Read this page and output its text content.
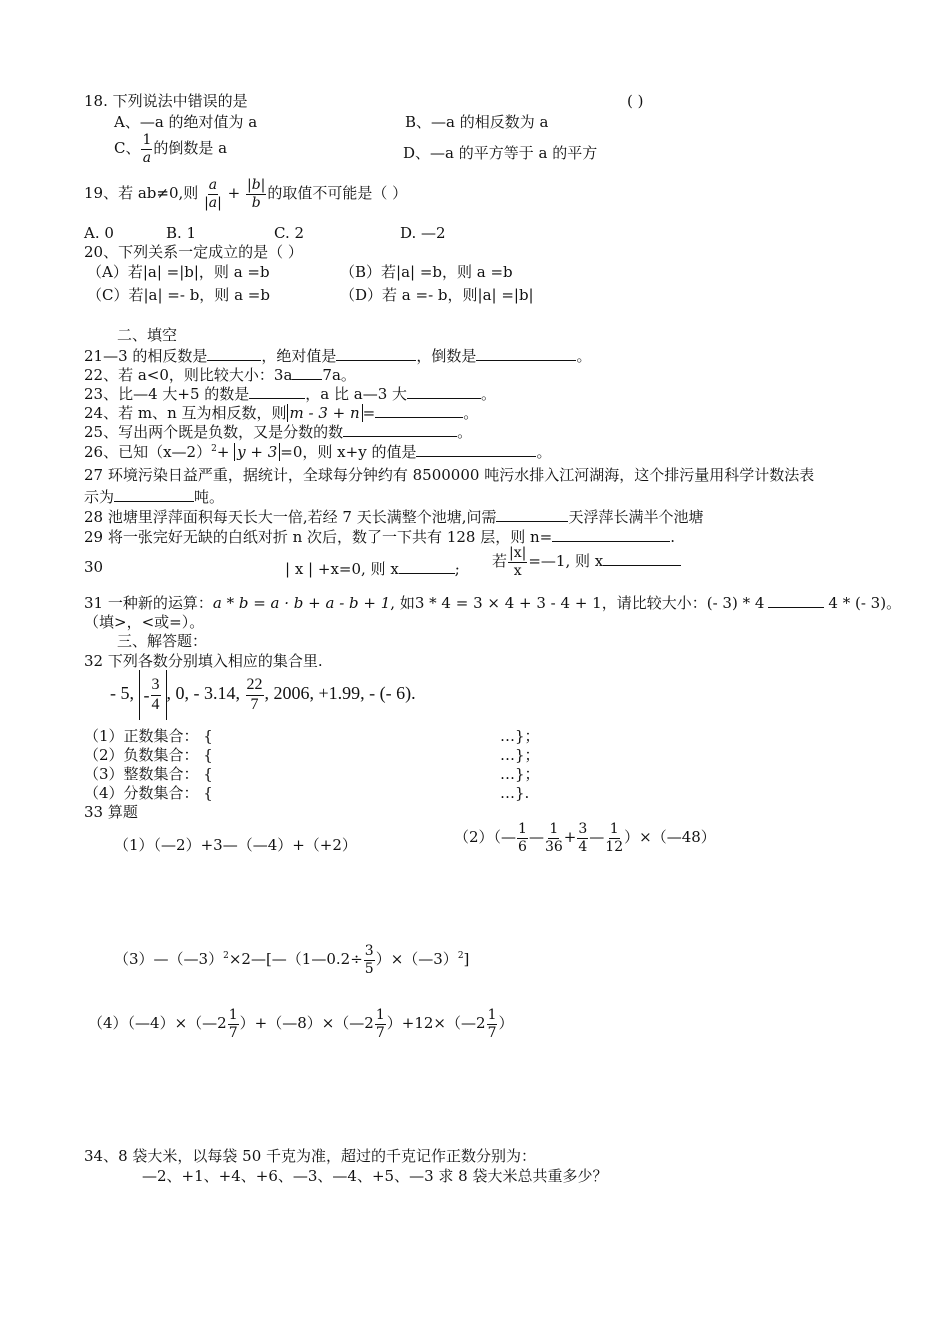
18. 下列说法中错误的是	( )
A、—a 的绝对值为 a	B、—a 的相反数为 a
C、 $\frac{1}{a}$ 的倒数是 a	D、—a 的平方等于 a 的平方
19、若 ab≠0,则 $\frac{a}{|a|} + \frac{|b|}{b}$ 的取值不可能是（ ）
A. 0	B. 1	C. 2	D. —2
20、下列关系一定成立的是（ ）
（A）若|a| =|b|，则 a =b	（B）若|a| =b，则 a =b
（C）若|a| =- b，则 a =b	（D）若 a =- b，则|a| =|b|
二、填空
21—3 的相反数是	，绝对值是	，倒数是	。
22、若 a<0，则比较大小：3a 7a。
23、比—4 大+5 的数是	，a 比 a—3 大	。
24、若 m、n 互为相反数，则 m - 3 + n =	。
25、写出两个既是负数，又是分数的数	。
26、已知（x—2）$^2$+ y + 3 =0，则 x+y 的值是	。
27 环境污染日益严重，据统计，全球每分钟约有 8500000 吨污水排入江河湖海，这个排污量用科学计数法表
示为	吨。
28 池塘里浮萍面积每天长大一倍,若经 7 天长满整个池塘,问需	天浮萍长满半个池塘
29 将一张完好无缺的白纸对折 n 次后，数了一下共有 128 层，则 n=	.
30	| x | +x=0, 则 x	; 若 $\frac{|x|}{x}$ =—1, 则 x
31 一种新的运算：a * b = a · b + a - b + 1, 如3 * 4 = 3 × 4 + 3 - 4 + 1，请比较大小：(- 3) * 4	4 * (- 3)。
（填>，<或=）。
三、解答题：
32 下列各数分别填入相应的集合里.
- 5, - $\frac{3}{4}$ , 0, - 3.14, $\frac{22}{7}$ , 2006, +1.99, - (- 6).
（1）正数集合： {	…}；
（2）负数集合： {	…}；
（3）整数集合： {	…}；
（4）分数集合： {	…}.
33 算题
（1）（—2）+3—（—4）+（+2）	（2）（— $\frac{1}{6}$ — $\frac{1}{36} + \frac{3}{4}$ — $\frac{1}{12}$ ）×（—48）
（3）—（—3）$^2$×2—[—（1—0.2÷ $\frac{3}{5}$ ）×（—3）$^2$]
（4）（—4）×（—2 $\frac{1}{7}$ ）+（—8）×（—2 $\frac{1}{7}$ ）+12×（—2 $\frac{1}{7}$ ）
34、8 袋大米，以每袋 50 千克为准，超过的千克记作正数分别为：
—2、+1、+4、+6、—3、—4、+5、—3 求 8 袋大米总共重多少？
